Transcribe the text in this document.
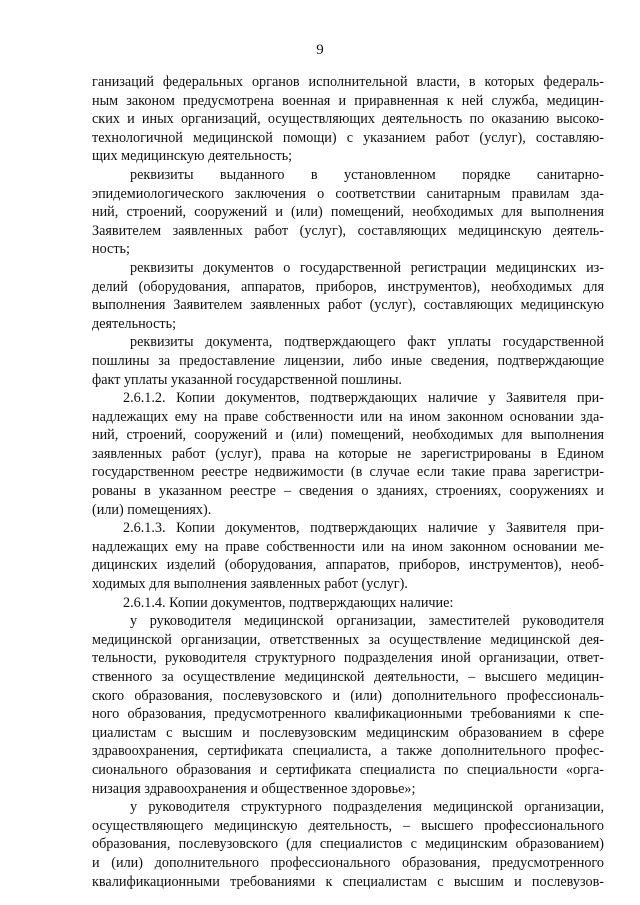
9
ганизаций федеральных органов исполнительной власти, в которых федераль-
ным законом предусмотрена военная и приравненная к ней служба, медицин-
ских и иных организаций, осуществляющих деятельность по оказанию высоко-
технологичной медицинской помощи) с указанием работ (услуг), составляю-
щих медицинскую деятельность;
реквизиты выданного в установленном порядке санитарно-
эпидемиологического заключения о соответствии санитарным правилам зда-
ний, строений, сооружений и (или) помещений, необходимых для выполнения
Заявителем заявленных работ (услуг), составляющих медицинскую деятель-
ность;
реквизиты документов о государственной регистрации медицинских из-
делий (оборудования, аппаратов, приборов, инструментов), необходимых для
выполнения Заявителем заявленных работ (услуг), составляющих медицинскую
деятельность;
реквизиты документа, подтверждающего факт уплаты государственной
пошлины за предоставление лицензии, либо иные сведения, подтверждающие
факт уплаты указанной государственной пошлины.
2.6.1.2. Копии документов, подтверждающих наличие у Заявителя при-
надлежащих ему на праве собственности или на ином законном основании зда-
ний, строений, сооружений и (или) помещений, необходимых для выполнения
заявленных работ (услуг), права на которые не зарегистрированы в Едином
государственном реестре недвижимости (в случае если такие права зарегистри-
рованы в указанном реестре – сведения о зданиях, строениях, сооружениях и
(или) помещениях).
2.6.1.3. Копии документов, подтверждающих наличие у Заявителя при-
надлежащих ему на праве собственности или на ином законном основании ме-
дицинских изделий (оборудования, аппаратов, приборов, инструментов), необ-
ходимых для выполнения заявленных работ (услуг).
2.6.1.4. Копии документов, подтверждающих наличие:
у руководителя медицинской организации, заместителей руководителя
медицинской организации, ответственных за осуществление медицинской дея-
тельности, руководителя структурного подразделения иной организации, ответ-
ственного за осуществление медицинской деятельности, – высшего медицин-
ского образования, послевузовского и (или) дополнительного профессиональ-
ного образования, предусмотренного квалификационными требованиями к спе-
циалистам с высшим и послевузовским медицинским образованием в сфере
здравоохранения, сертификата специалиста, а также дополнительного профес-
сионального образования и сертификата специалиста по специальности «орга-
низация здравоохранения и общественное здоровье»;
у руководителя структурного подразделения медицинской организации,
осуществляющего медицинскую деятельность, – высшего профессионального
образования, послевузовского (для специалистов с медицинским образованием)
и (или) дополнительного профессионального образования, предусмотренного
квалификационными требованиями к специалистам с высшим и послевузов-
